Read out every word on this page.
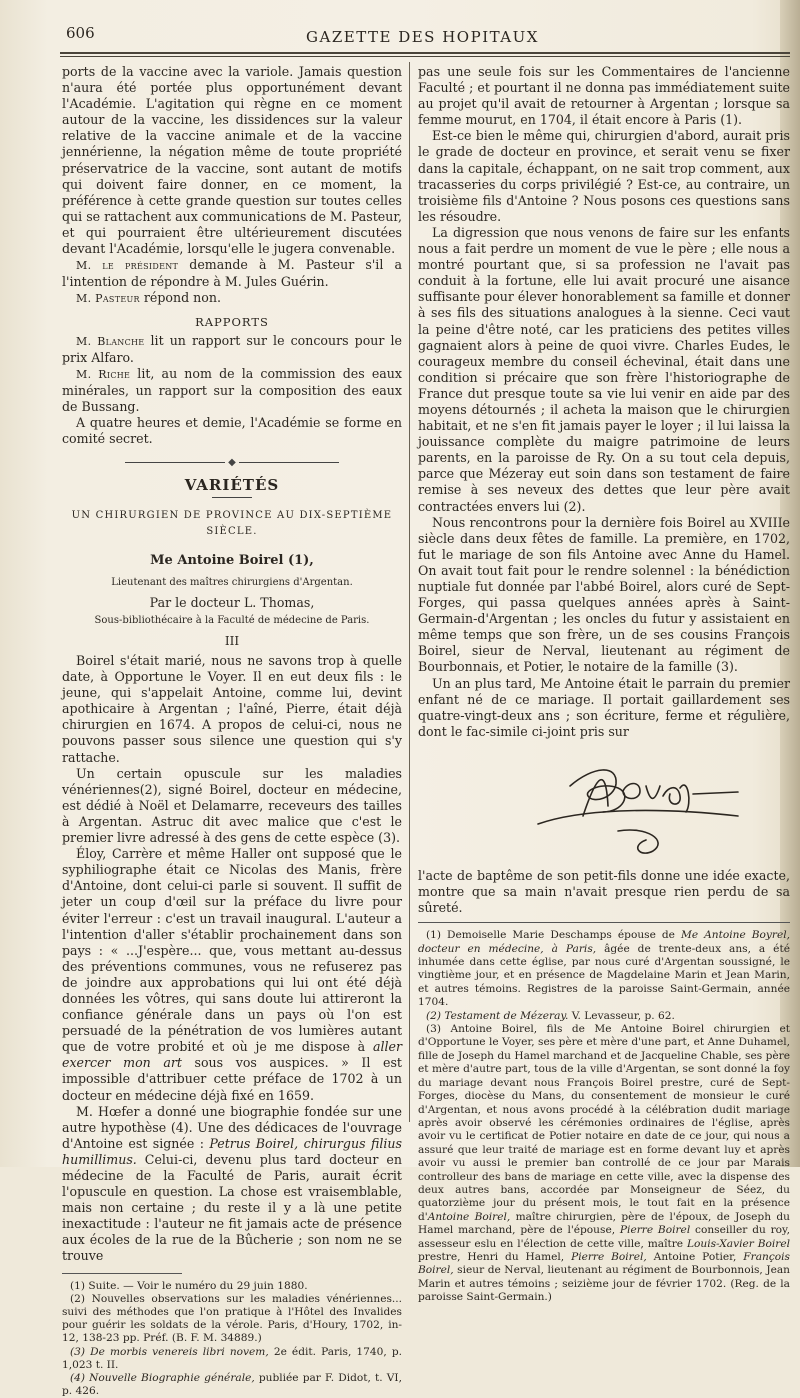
606	GAZETTE DES HOPITAUX

ports de la vaccine avec la variole. Jamais question n'aura été portée plus opportunément devant l'Académie. L'agitation qui règne en ce moment autour de la vaccine, les dissidences sur la valeur relative de la vaccine animale et de la vaccine jennérienne, la négation même de toute propriété préservatrice de la vaccine, sont autant de motifs qui doivent faire donner, en ce moment, la préférence à cette grande question sur toutes celles qui se rattachent aux communications de M. Pasteur, et qui pourraient être ultérieurement discutées devant l'Académie, lorsqu'elle le jugera convenable.

M. le président demande à M. Pasteur s'il a l'intention de répondre à M. Jules Guérin.

M. Pasteur répond non.

RAPPORTS

M. Blanche lit un rapport sur le concours pour le prix Alfaro.

M. Riche lit, au nom de la commission des eaux minérales, un rapport sur la composition des eaux de Bussang.

A quatre heures et demie, l'Académie se forme en comité secret.

◆
VARIÉTÉS
UN CHIRURGIEN DE PROVINCE AU DIX-SEPTIÈME SIÈCLE.
Me Antoine Boirel (1),
Lieutenant des maîtres chirurgiens d'Argentan.
Par le docteur L. Thomas,
Sous-bibliothécaire à la Faculté de médecine de Paris.
III

Boirel s'était marié, nous ne savons trop à quelle date, à Opportune le Voyer. Il en eut deux fils : le jeune, qui s'appelait Antoine, comme lui, devint apothicaire à Argentan ; l'aîné, Pierre, était déjà chirurgien en 1674. A propos de celui-ci, nous ne pouvons passer sous silence une question qui s'y rattache.

Un certain opuscule sur les maladies vénériennes(2), signé Boirel, docteur en médecine, est dédié à Noël et Delamarre, receveurs des tailles à Argentan. Astruc dit avec malice que c'est le premier livre adressé à des gens de cette espèce (3).

Éloy, Carrère et même Haller ont supposé que le syphiliographe était ce Nicolas des Manis, frère d'Antoine, dont celui-ci parle si souvent. Il suffit de jeter un coup d'œil sur la préface du livre pour éviter l'erreur : c'est un travail inaugural. L'auteur a l'intention d'aller s'établir prochainement dans son pays : « ...J'espère... que, vous mettant au-dessus des préventions communes, vous ne refuserez pas de joindre aux approbations qui lui ont été déjà données les vôtres, qui sans doute lui attireront la confiance générale dans un pays où l'on est persuadé de la pénétration de vos lumières autant que de votre probité et où je me dispose à aller exercer mon art sous vos auspices. » Il est impossible d'attribuer cette préface de 1702 à un docteur en médecine déjà fixé en 1659.

M. Hœfer a donné une biographie fondée sur une autre hypothèse (4). Une des dédicaces de l'ouvrage d'Antoine est signée : Petrus Boirel, chirurgus filius humillimus. Celui-ci, devenu plus tard docteur en médecine de la Faculté de Paris, aurait écrit l'opuscule en question. La chose est vraisemblable, mais non certaine ; du reste il y a là une petite inexactitude : l'auteur ne fit jamais acte de présence aux écoles de la rue de la Bûcherie ; son nom ne se trouve

(1) Suite. — Voir le numéro du 29 juin 1880.

(2) Nouvelles observations sur les maladies vénériennes... suivi des méthodes que l'on pratique à l'Hôtel des Invalides pour guérir les soldats de la vérole. Paris, d'Houry, 1702, in-12, 138-23 pp. Préf. (B. F. M. 34889.)

(3) De morbis venereis libri novem, 2e édit. Paris, 1740, p. 1,023 t. II.

(4) Nouvelle Biographie générale, publiée par F. Didot, t. VI, p. 426.

pas une seule fois sur les Commentaires de l'ancienne Faculté ; et pourtant il ne donna pas immédiatement suite au projet qu'il avait de retourner à Argentan ; lorsque sa femme mourut, en 1704, il était encore à Paris (1).

Est-ce bien le même qui, chirurgien d'abord, aurait pris le grade de docteur en province, et serait venu se fixer dans la capitale, échappant, on ne sait trop comment, aux tracasseries du corps privilégié ? Est-ce, au contraire, un troisième fils d'Antoine ? Nous posons ces questions sans les résoudre.

La digression que nous venons de faire sur les enfants nous a fait perdre un moment de vue le père ; elle nous a montré pourtant que, si sa profession ne l'avait pas conduit à la fortune, elle lui avait procuré une aisance suffisante pour élever honorablement sa famille et donner à ses fils des situations analogues à la sienne. Ceci vaut la peine d'être noté, car les praticiens des petites villes gagnaient alors à peine de quoi vivre. Charles Eudes, le courageux membre du conseil échevinal, était dans une condition si précaire que son frère l'historiographe de France dut presque toute sa vie lui venir en aide par des moyens détournés ; il acheta la maison que le chirurgien habitait, et ne s'en fit jamais payer le loyer ; il lui laissa la jouissance complète du maigre patrimoine de leurs parents, en la paroisse de Ry. On a su tout cela depuis, parce que Mézeray eut soin dans son testament de faire remise à ses neveux des dettes que leur père avait contractées envers lui (2).

Nous rencontrons pour la dernière fois Boirel au XVIIIe siècle dans deux fêtes de famille. La première, en 1702, fut le mariage de son fils Antoine avec Anne du Hamel. On avait tout fait pour le rendre solennel : la bénédiction nuptiale fut donnée par l'abbé Boirel, alors curé de Sept-Forges, qui passa quelques années après à Saint-Germain-d'Argentan ; les oncles du futur y assistaient en même temps que son frère, un de ses cousins François Boirel, sieur de Nerval, lieutenant au régiment de Bourbonnais, et Potier, le notaire de la famille (3).

Un an plus tard, Me Antoine était le parrain du premier enfant né de ce mariage. Il portait gaillardement ses quatre-vingt-deux ans ; son écriture, ferme et régulière, dont le fac-simile ci-joint pris sur

l'acte de baptême de son petit-fils donne une idée exacte, montre que sa main n'avait presque rien perdu de sa sûreté.

(1) Demoiselle Marie Deschamps épouse de Me Antoine Boyrel, docteur en médecine, à Paris, âgée de trente-deux ans, a été inhumée dans cette église, par nous curé d'Argentan soussigné, le vingtième jour, et en présence de Magdelaine Marin et Jean Marin, et autres témoins. Registres de la paroisse Saint-Germain, année 1704.

(2) Testament de Mézeray. V. Levasseur, p. 62.

(3) Antoine Boirel, fils de Me Antoine Boirel chirurgien et d'Opportune le Voyer, ses père et mère d'une part, et Anne Duhamel, fille de Joseph du Hamel marchand et de Jacqueline Chable, ses père et mère d'autre part, tous de la ville d'Argentan, se sont donné la foy du mariage devant nous François Boirel prestre, curé de Sept-Forges, diocèse du Mans, du consentement de monsieur le curé d'Argentan, et nous avons procédé à la célébration dudit mariage après avoir observé les cérémonies ordinaires de l'église, après avoir vu le certificat de Potier notaire en date de ce jour, qui nous a assuré que leur traité de mariage est en forme devant luy et après avoir vu aussi le premier ban controllé de ce jour par Marais controlleur des bans de mariage en cette ville, avec la dispense des deux autres bans, accordée par Monseigneur de Séez, du quatorzième jour du présent mois, le tout fait en la présence d'Antoine Boirel, maître chirurgien, père de l'époux, de Joseph du Hamel marchand, père de l'épouse, Pierre Boirel conseiller du roy, assesseur eslu en l'élection de cette ville, maître Louis-Xavier Boirel prestre, Henri du Hamel, Pierre Boirel, Antoine Potier, François Boirel, sieur de Nerval, lieutenant au régiment de Bourbonnois, Jean Marin et autres témoins ; seizième jour de février 1702. (Reg. de la paroisse Saint-Germain.)
